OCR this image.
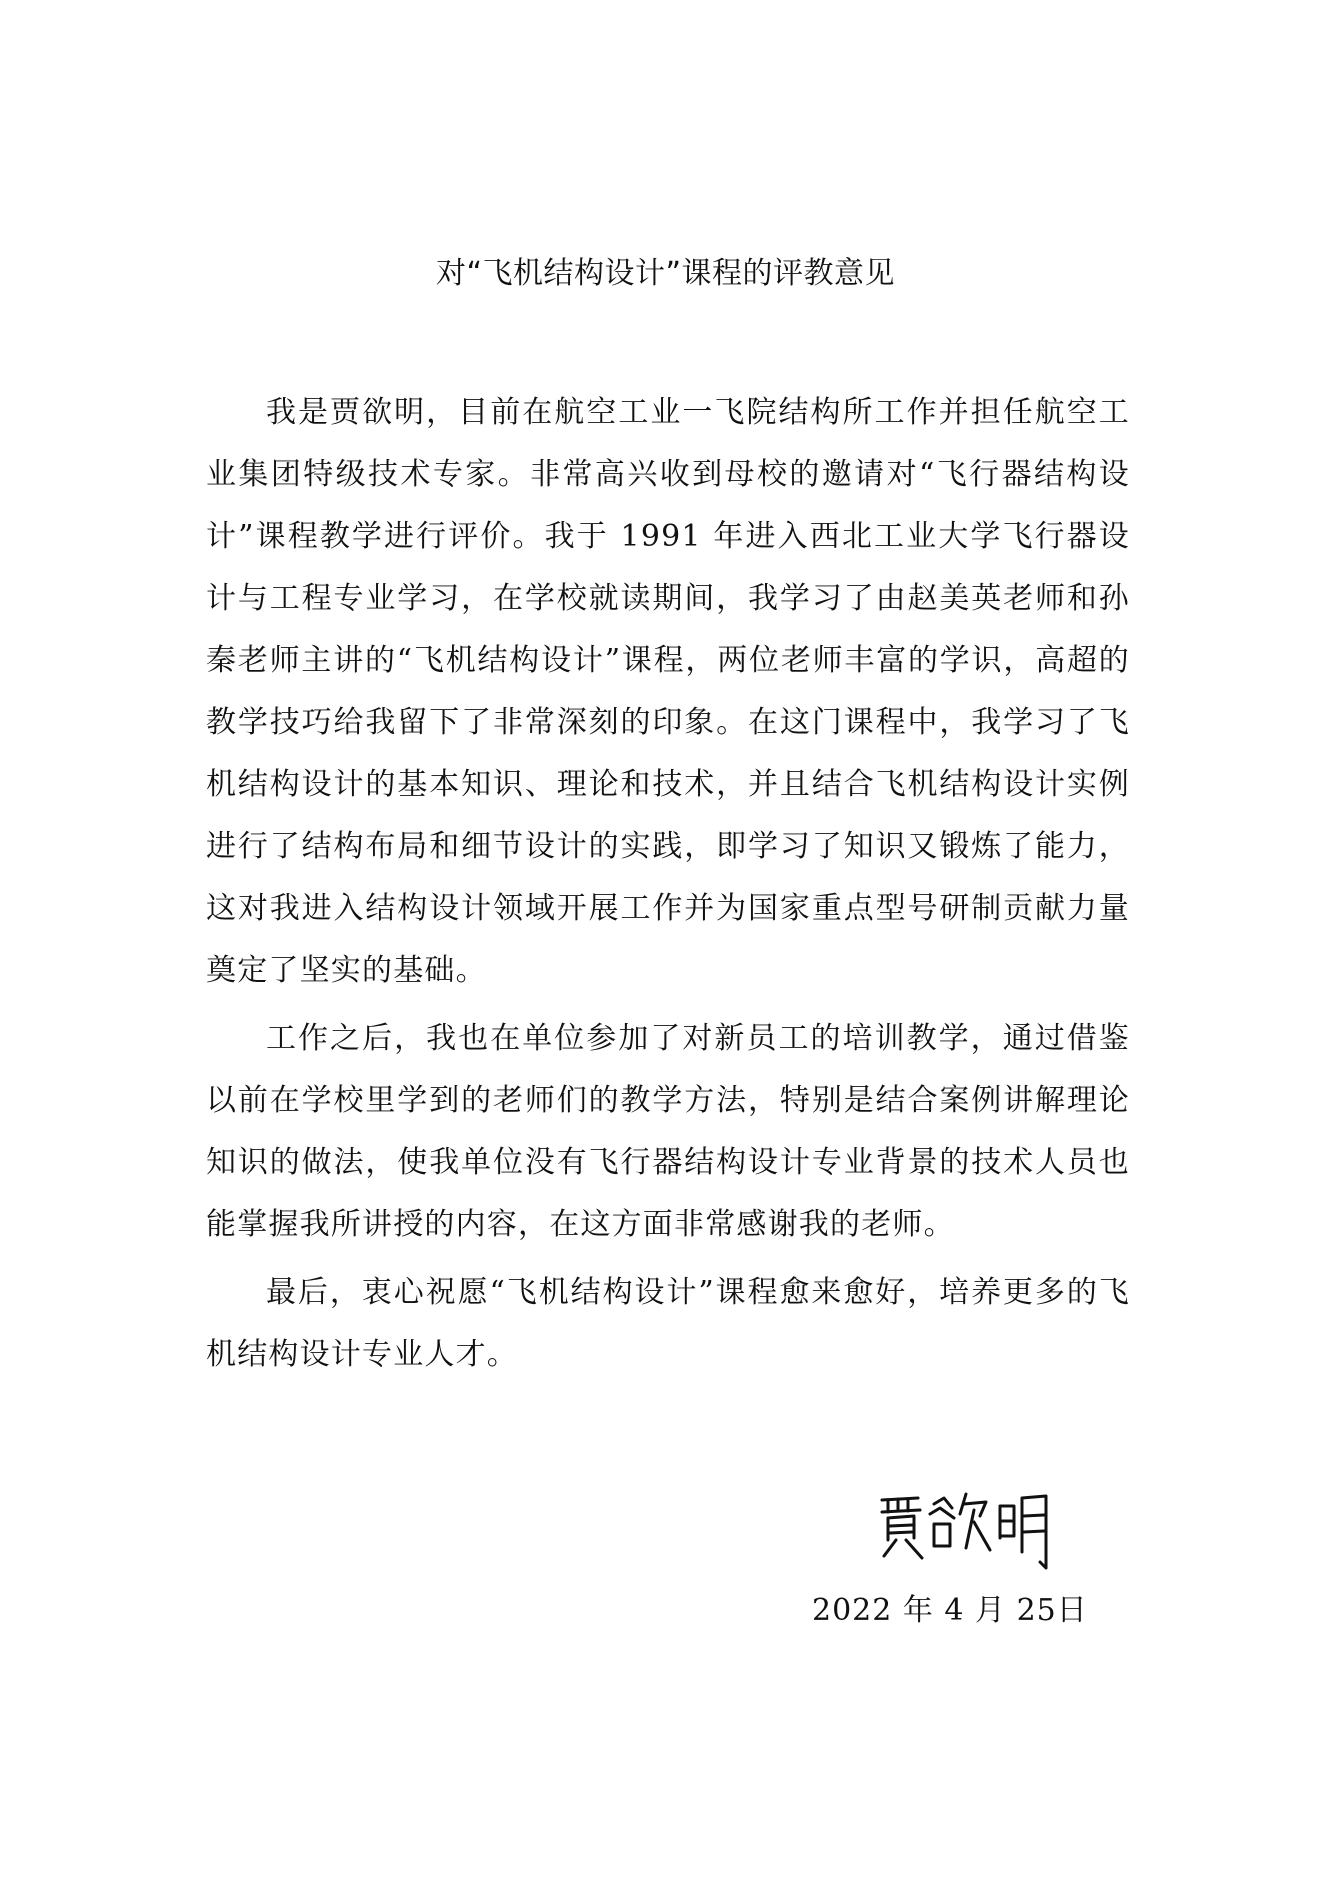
对“飞机结构设计”课程的评教意见

我是贾欲明，目前在航空工业一飞院结构所工作并担任航空工业集团特级技术专家。非常高兴收到母校的邀请对“飞行器结构设计”课程教学进行评价。我于 1991 年进入西北工业大学飞行器设计与工程专业学习，在学校就读期间，我学习了由赵美英老师和孙秦老师主讲的“飞机结构设计”课程，两位老师丰富的学识，高超的教学技巧给我留下了非常深刻的印象。在这门课程中，我学习了飞机结构设计的基本知识、理论和技术，并且结合飞机结构设计实例进行了结构布局和细节设计的实践，即学习了知识又锻炼了能力，这对我进入结构设计领域开展工作并为国家重点型号研制贡献力量奠定了坚实的基础。

工作之后，我也在单位参加了对新员工的培训教学，通过借鉴以前在学校里学到的老师们的教学方法，特别是结合案例讲解理论知识的做法，使我单位没有飞行器结构设计专业背景的技术人员也能掌握我所讲授的内容，在这方面非常感谢我的老师。

最后，衷心祝愿“飞机结构设计”课程愈来愈好，培养更多的飞机结构设计专业人才。

2022 年 4 月 25日
